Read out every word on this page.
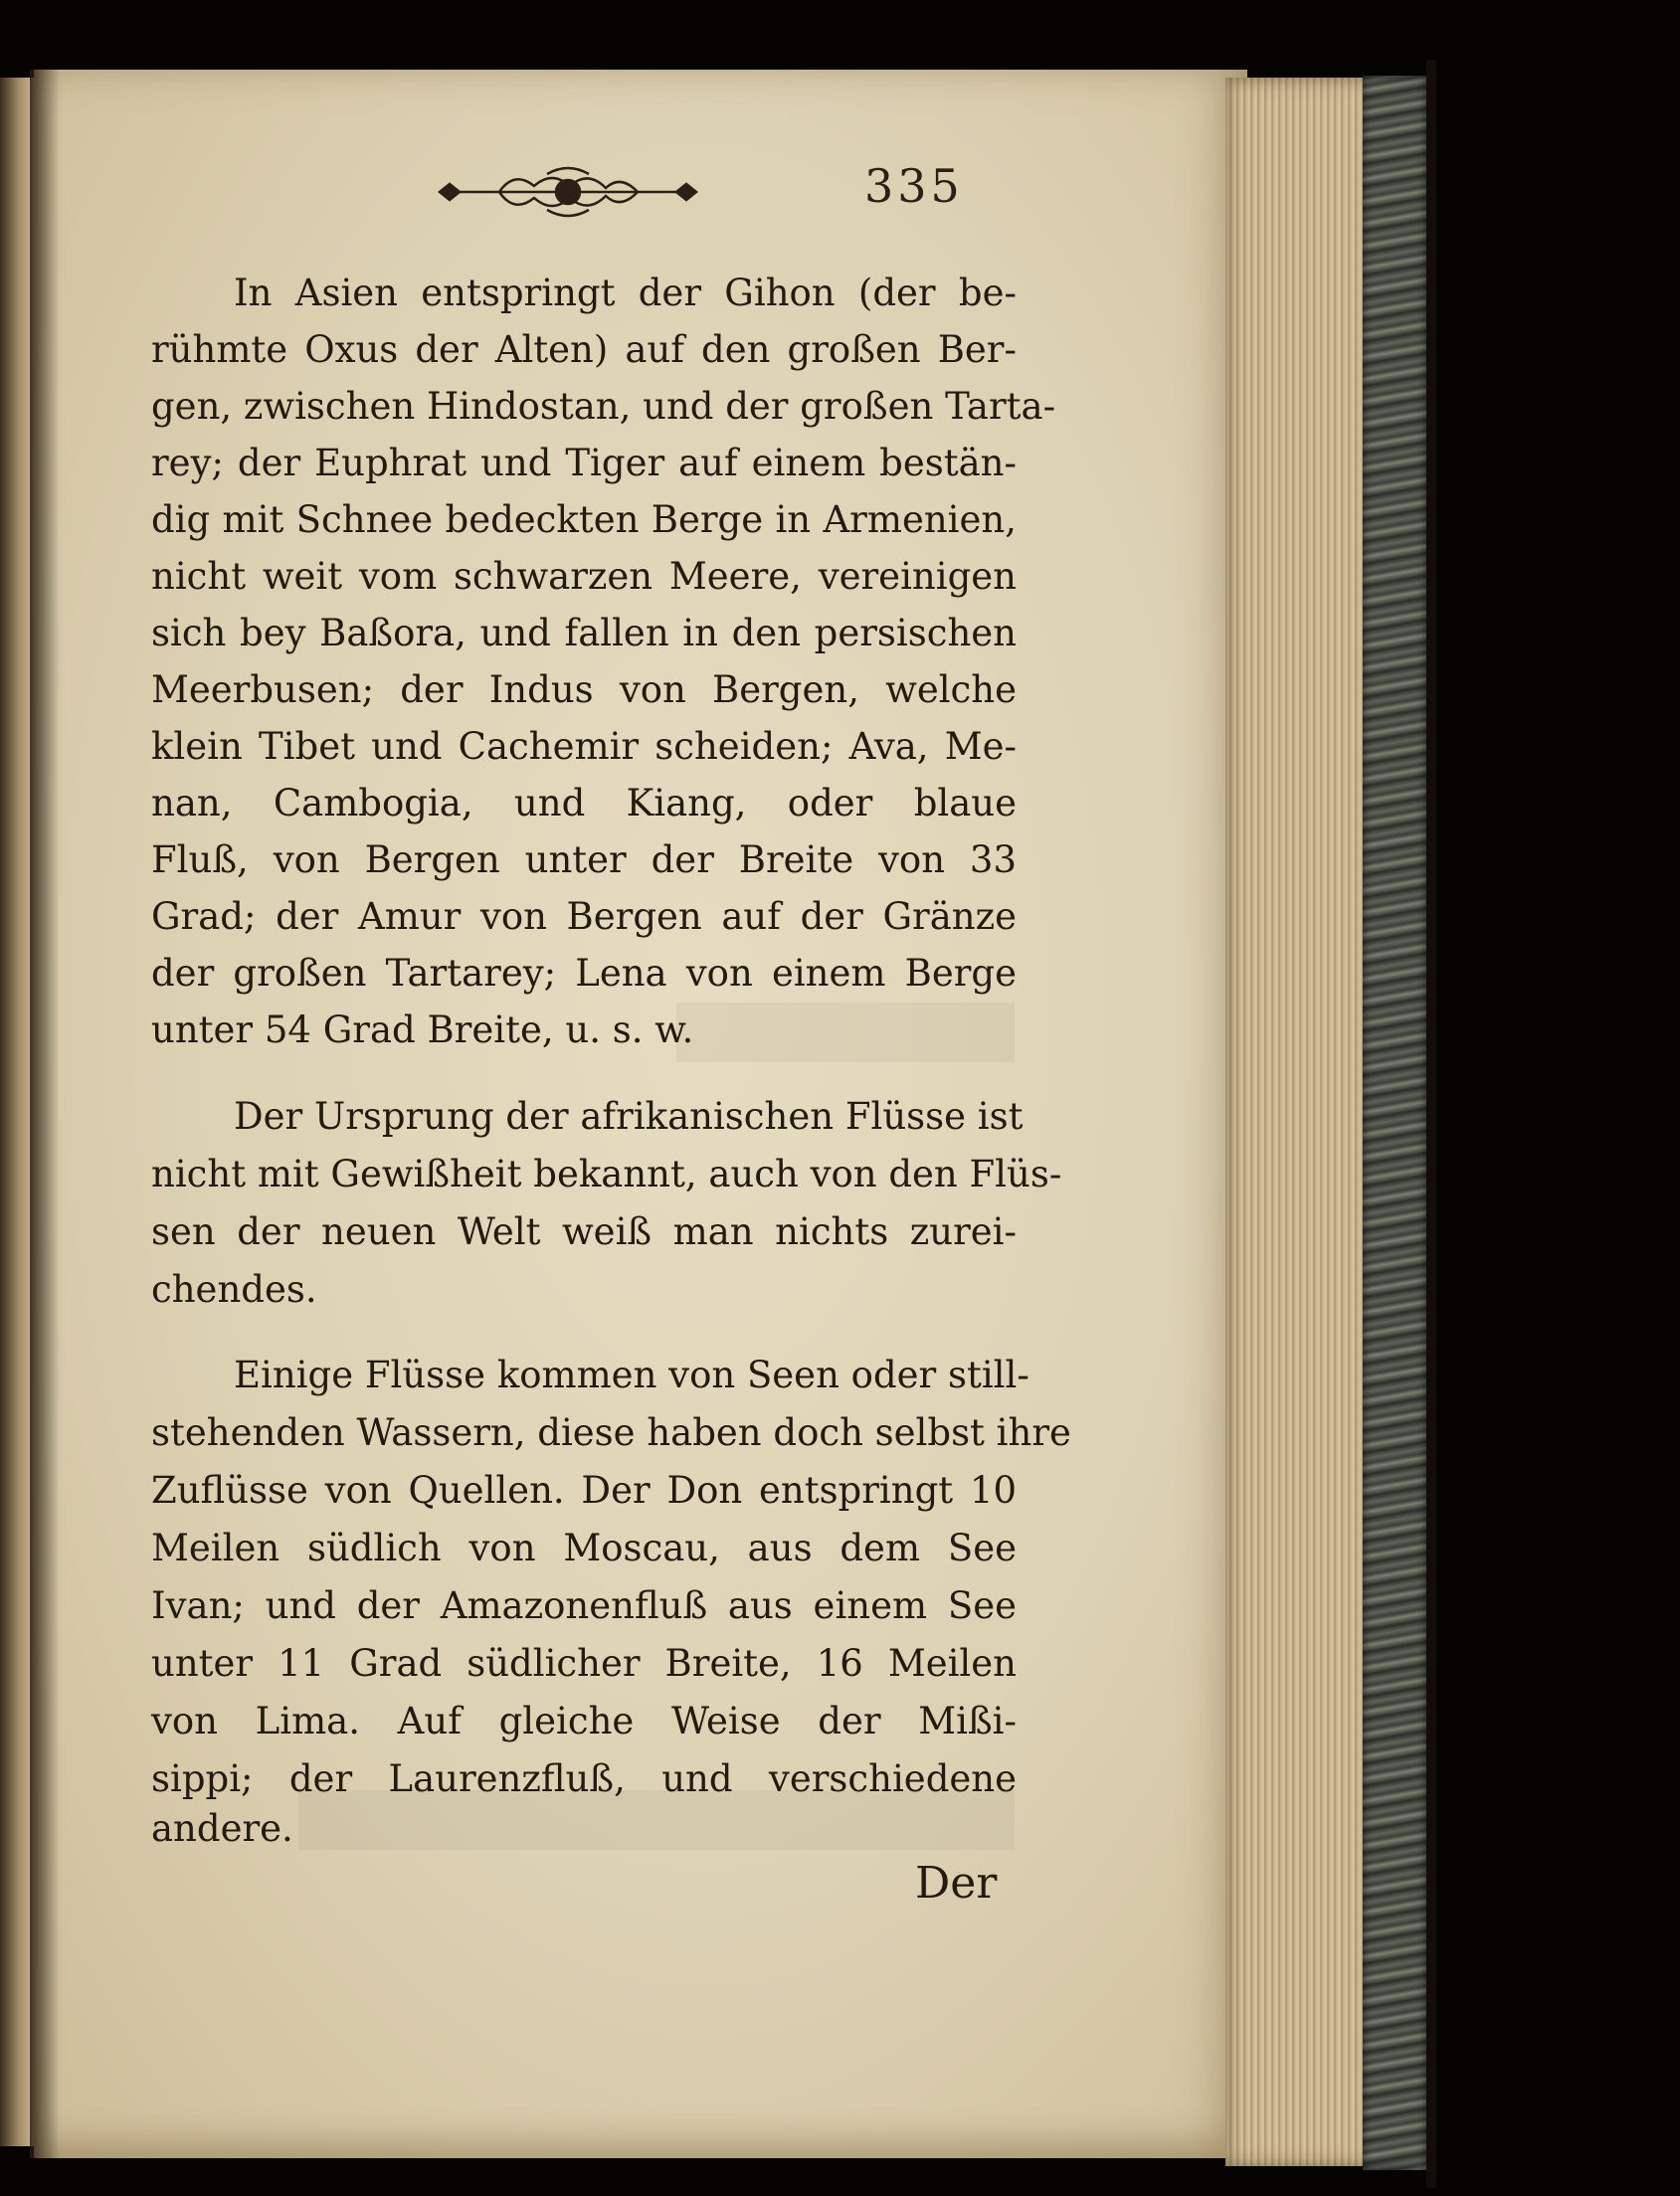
335
In Asien entspringt der Gihon (der be-
rühmte Oxus der Alten) auf den großen Ber-
gen, zwischen Hindostan, und der großen Tarta-
rey; der Euphrat und Tiger auf einem bestän-
dig mit Schnee bedeckten Berge in Armenien,
nicht weit vom schwarzen Meere, vereinigen
sich bey Baßora, und fallen in den persischen
Meerbusen; der Indus von Bergen, welche
klein Tibet und Cachemir scheiden; Ava, Me-
nan, Cambogia, und Kiang, oder blaue
Fluß, von Bergen unter der Breite von 33
Grad; der Amur von Bergen auf der Gränze
der großen Tartarey; Lena von einem Berge
unter 54 Grad Breite, u. s. w.
Der Ursprung der afrikanischen Flüsse ist
nicht mit Gewißheit bekannt, auch von den Flüs-
sen der neuen Welt weiß man nichts zurei-
chendes.
Einige Flüsse kommen von Seen oder still-
stehenden Wassern, diese haben doch selbst ihre
Zuflüsse von Quellen. Der Don entspringt 10
Meilen südlich von Moscau, aus dem See
Ivan; und der Amazonenfluß aus einem See
unter 11 Grad südlicher Breite, 16 Meilen
von Lima. Auf gleiche Weise der Mißi-
sippi; der Laurenzfluß, und verschiedene
andere.
Der
